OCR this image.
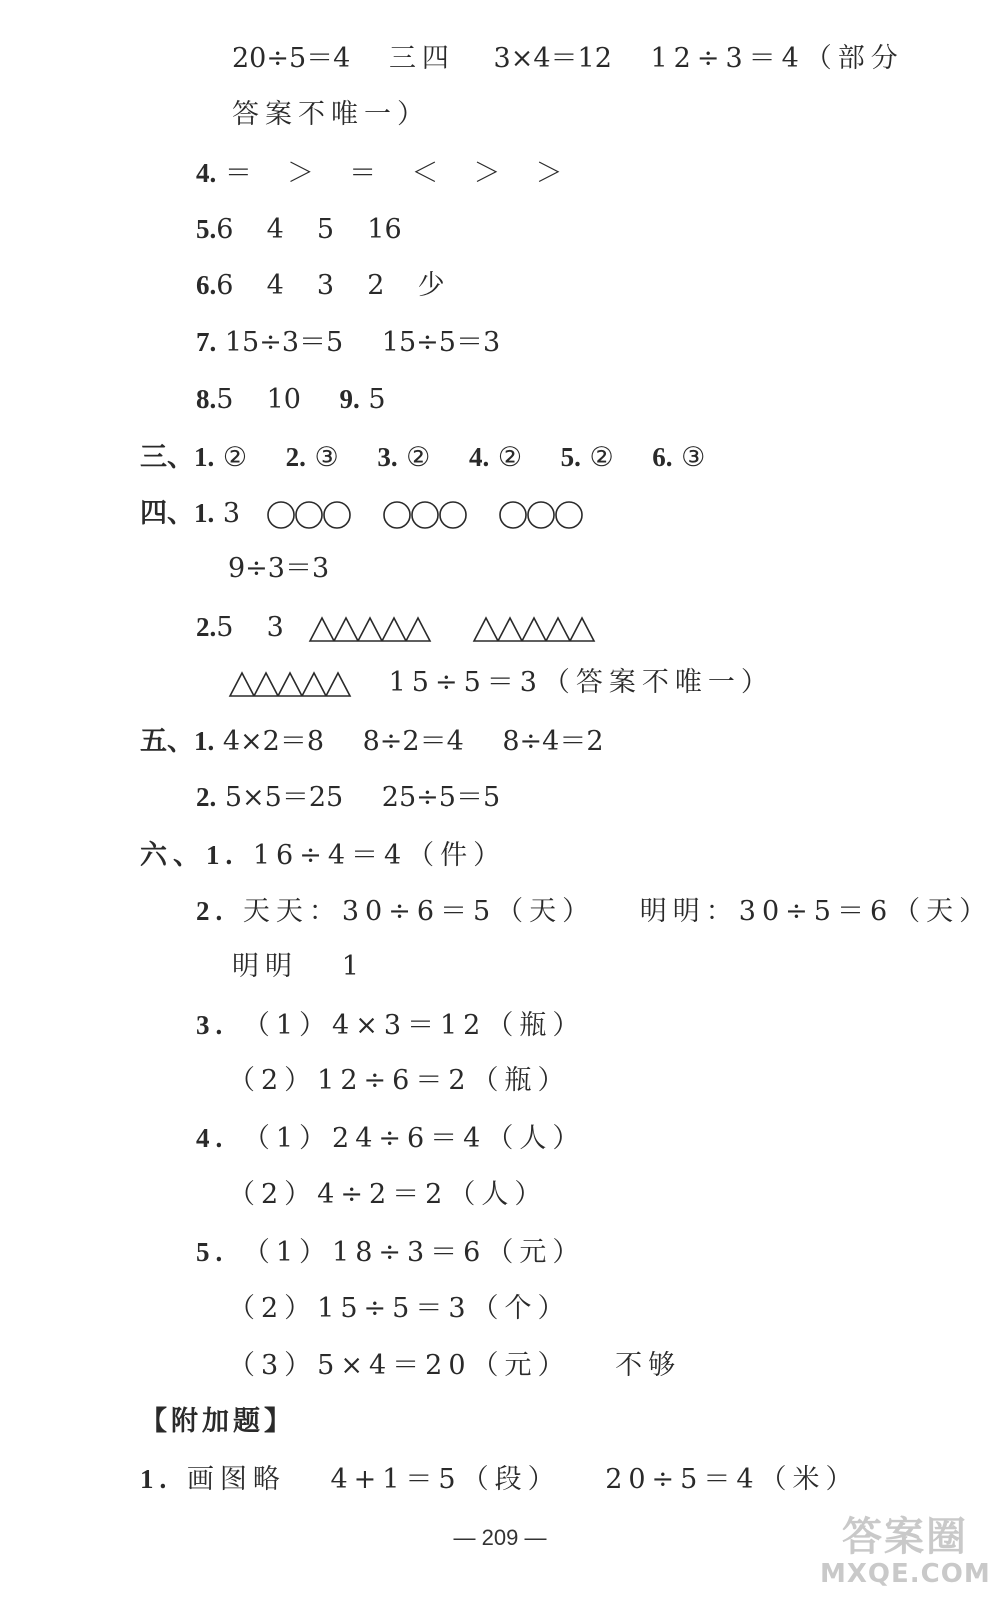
20÷5＝4 三四 3×4＝12 12÷3＝4（部分
答案不唯一）
4. ＝  ＞  ＝  ＜  ＞  ＞
5.6  4  5  16
6.6  4  3  2  少
7. 15÷3＝5 15÷5＝3
8.5  10 9. 5
三、1. ② 2. ③ 3. ② 4. ② 5. ② 6. ③
四、1. 3
9÷3＝3
2.5  3
15÷5＝3（答案不唯一）
五、1. 4×2＝8 8÷2＝4 8÷4＝2
2. 5×5＝25 25÷5＝5
六、1. 16÷4＝4（件）
2. 天天：30÷6＝5（天） 明明：30÷5＝6（天）
明明   1
3. （1）4×3＝12（瓶）
（2）12÷6＝2（瓶）
4. （1）24÷6＝4（人）
（2）4÷2＝2（人）
5. （1）18÷3＝6（元）
（2）15÷5＝3（个）
（3）5×4＝20（元） 不够
【附加题】
1. 画图略 4+1＝5（段） 20÷5＝4（米）
— 209 —	答案圈
MXQE.COM
